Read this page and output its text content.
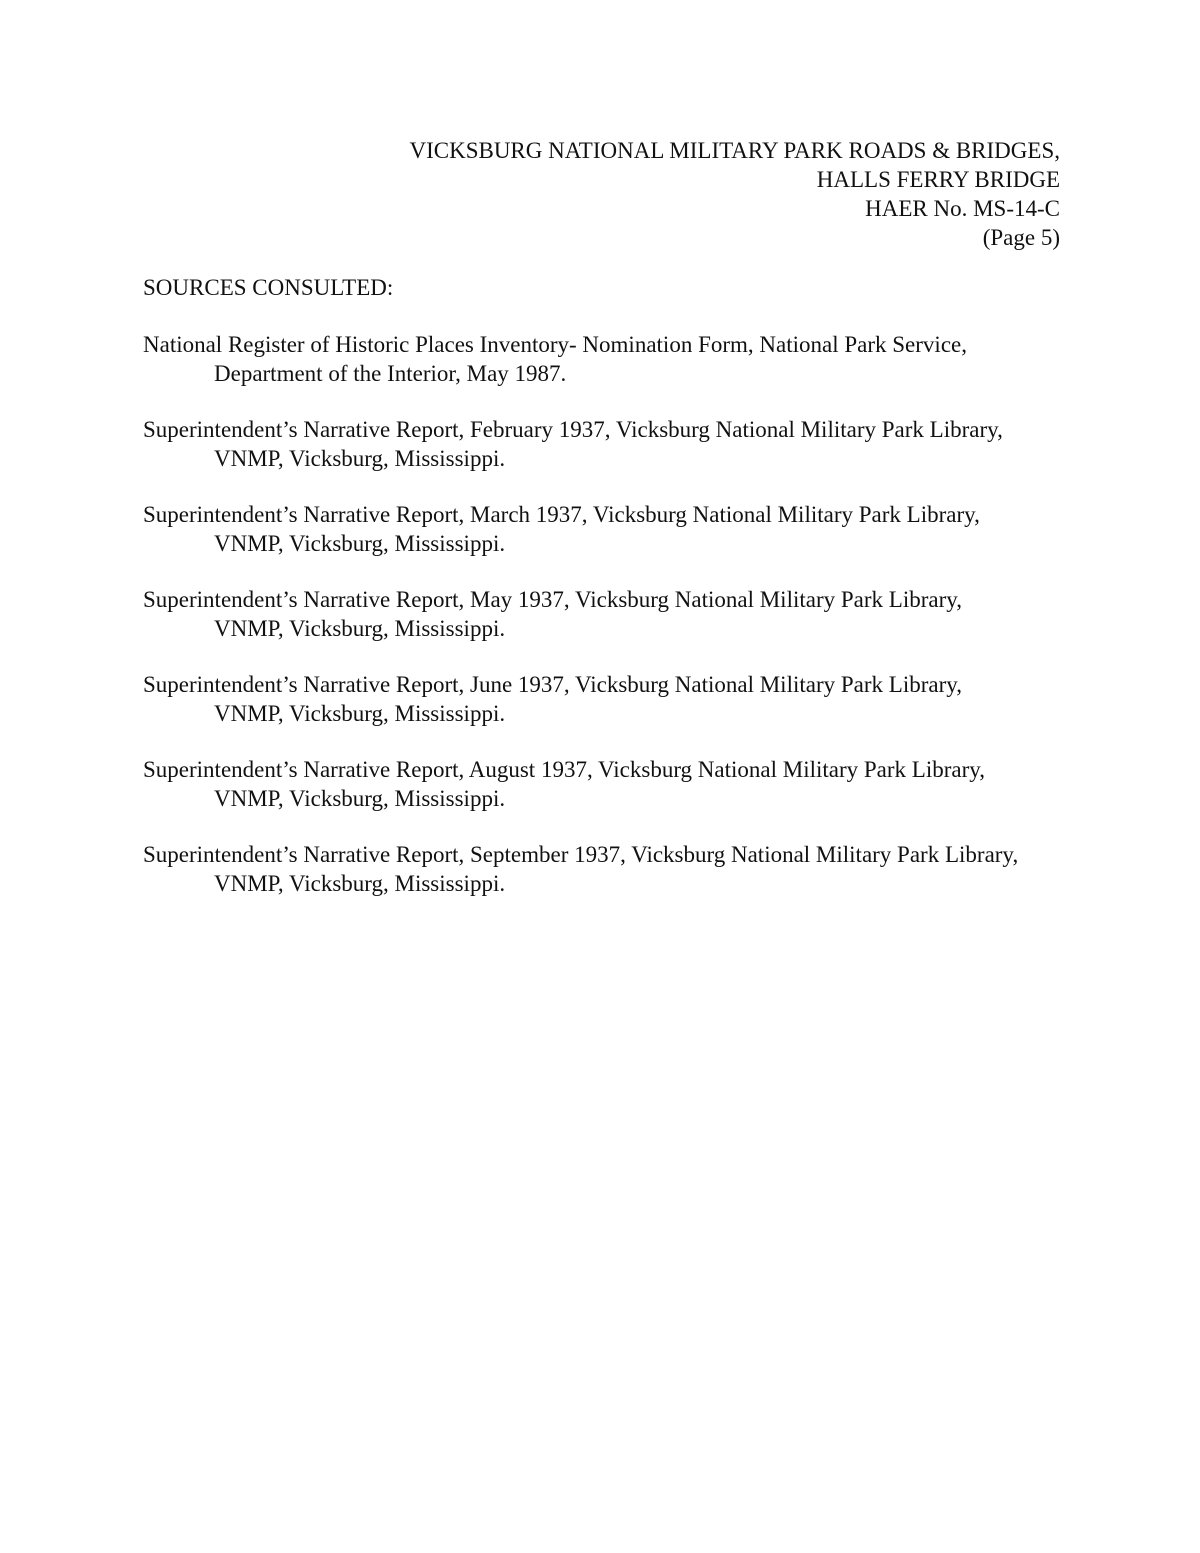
VICKSBURG NATIONAL MILITARY PARK ROADS & BRIDGES,
HALLS FERRY BRIDGE
HAER No. MS-14-C
(Page 5)
SOURCES CONSULTED:
National Register of Historic Places Inventory- Nomination Form, National Park Service,
Department of the Interior, May 1987.
Superintendent’s Narrative Report, February 1937, Vicksburg National Military Park Library,
VNMP, Vicksburg, Mississippi.
Superintendent’s Narrative Report, March 1937, Vicksburg National Military Park Library,
VNMP, Vicksburg, Mississippi.
Superintendent’s Narrative Report, May 1937, Vicksburg National Military Park Library,
VNMP, Vicksburg, Mississippi.
Superintendent’s Narrative Report, June 1937, Vicksburg National Military Park Library,
VNMP, Vicksburg, Mississippi.
Superintendent’s Narrative Report, August 1937, Vicksburg National Military Park Library,
VNMP, Vicksburg, Mississippi.
Superintendent’s Narrative Report, September 1937, Vicksburg National Military Park Library,
VNMP, Vicksburg, Mississippi.
